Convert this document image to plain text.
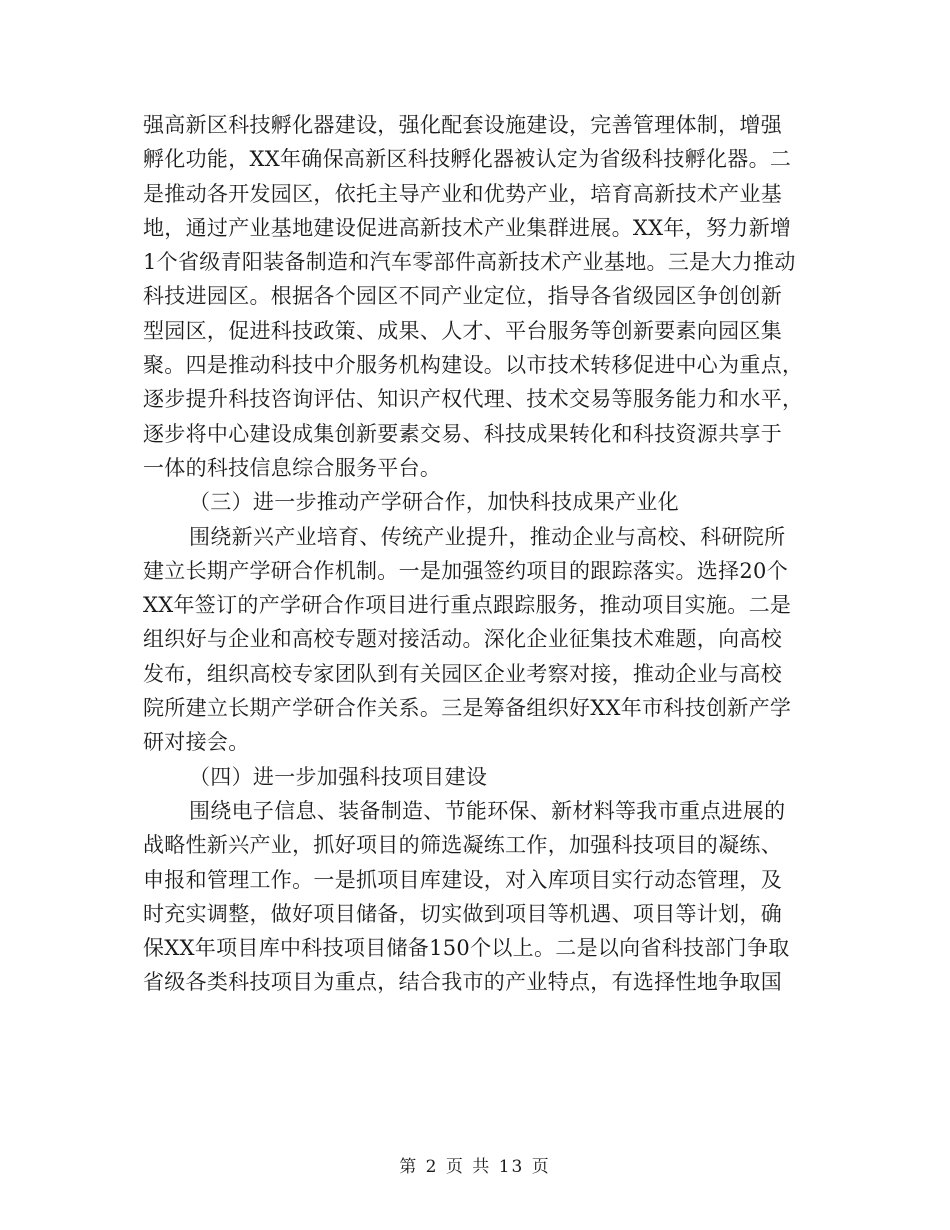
强高新区科技孵化器建设，强化配套设施建设，完善管理体制，增强
孵化功能，XX年确保高新区科技孵化器被认定为省级科技孵化器。二
是推动各开发园区，依托主导产业和优势产业，培育高新技术产业基
地，通过产业基地建设促进高新技术产业集群进展。XX年，努力新增
1个省级青阳装备制造和汽车零部件高新技术产业基地。三是大力推动
科技进园区。根据各个园区不同产业定位，指导各省级园区争创创新
型园区，促进科技政策、成果、人才、平台服务等创新要素向园区集
聚。四是推动科技中介服务机构建设。以市技术转移促进中心为重点，
逐步提升科技咨询评估、知识产权代理、技术交易等服务能力和水平，
逐步将中心建设成集创新要素交易、科技成果转化和科技资源共享于
一体的科技信息综合服务平台。
（三）进一步推动产学研合作，加快科技成果产业化
围绕新兴产业培育、传统产业提升，推动企业与高校、科研院所
建立长期产学研合作机制。一是加强签约项目的跟踪落实。选择20个
XX年签订的产学研合作项目进行重点跟踪服务，推动项目实施。二是
组织好与企业和高校专题对接活动。深化企业征集技术难题，向高校
发布，组织高校专家团队到有关园区企业考察对接，推动企业与高校
院所建立长期产学研合作关系。三是筹备组织好XX年市科技创新产学
研对接会。
（四）进一步加强科技项目建设
围绕电子信息、装备制造、节能环保、新材料等我市重点进展的
战略性新兴产业，抓好项目的筛选凝练工作，加强科技项目的凝练、
申报和管理工作。一是抓项目库建设，对入库项目实行动态管理，及
时充实调整，做好项目储备，切实做到项目等机遇、项目等计划，确
保XX年项目库中科技项目储备150个以上。二是以向省科技部门争取
省级各类科技项目为重点，结合我市的产业特点，有选择性地争取国
第 2 页 共 13 页
